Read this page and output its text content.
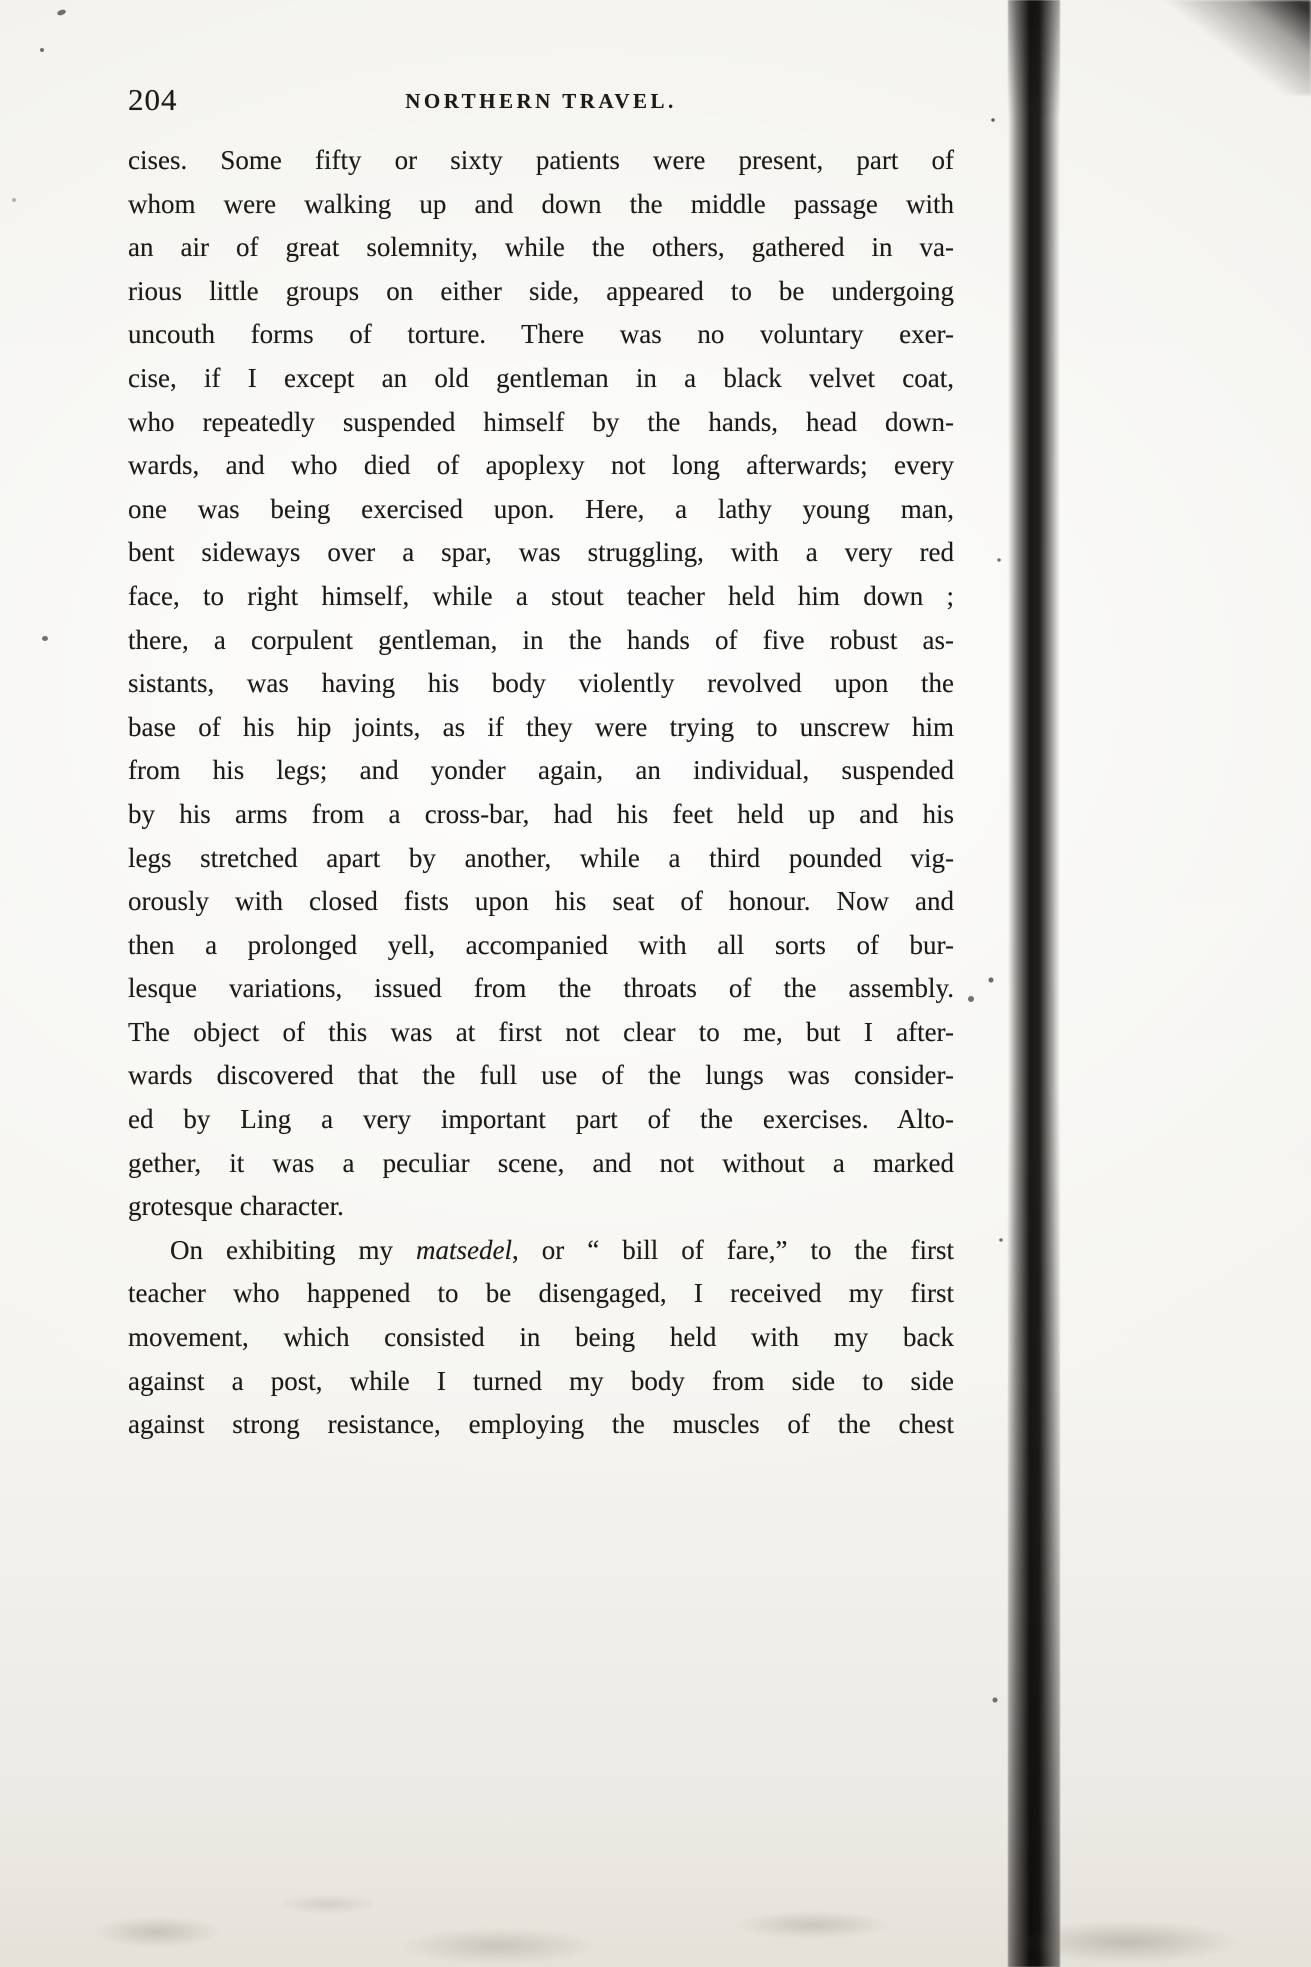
204	NORTHERN TRAVEL.
cises. Some fifty or sixty patients were present, part of
whom were walking up and down the middle passage with
an air of great solemnity, while the others, gathered in va-
rious little groups on either side, appeared to be undergoing
uncouth forms of torture. There was no voluntary exer-
cise, if I except an old gentleman in a black velvet coat,
who repeatedly suspended himself by the hands, head down-
wards, and who died of apoplexy not long afterwards; every
one was being exercised upon. Here, a lathy young man,
bent sideways over a spar, was struggling, with a very red
face, to right himself, while a stout teacher held him down ;
there, a corpulent gentleman, in the hands of five robust as-
sistants, was having his body violently revolved upon the
base of his hip joints, as if they were trying to unscrew him
from his legs; and yonder again, an individual, suspended
by his arms from a cross-bar, had his feet held up and his
legs stretched apart by another, while a third pounded vig-
orously with closed fists upon his seat of honour. Now and
then a prolonged yell, accompanied with all sorts of bur-
lesque variations, issued from the throats of the assembly.
The object of this was at first not clear to me, but I after-
wards discovered that the full use of the lungs was consider-
ed by Ling a very important part of the exercises. Alto-
gether, it was a peculiar scene, and not without a marked
grotesque character.
On exhibiting my matsedel, or “ bill of fare,” to the first
teacher who happened to be disengaged, I received my first
movement, which consisted in being held with my back
against a post, while I turned my body from side to side
against strong resistance, employing the muscles of the chest
